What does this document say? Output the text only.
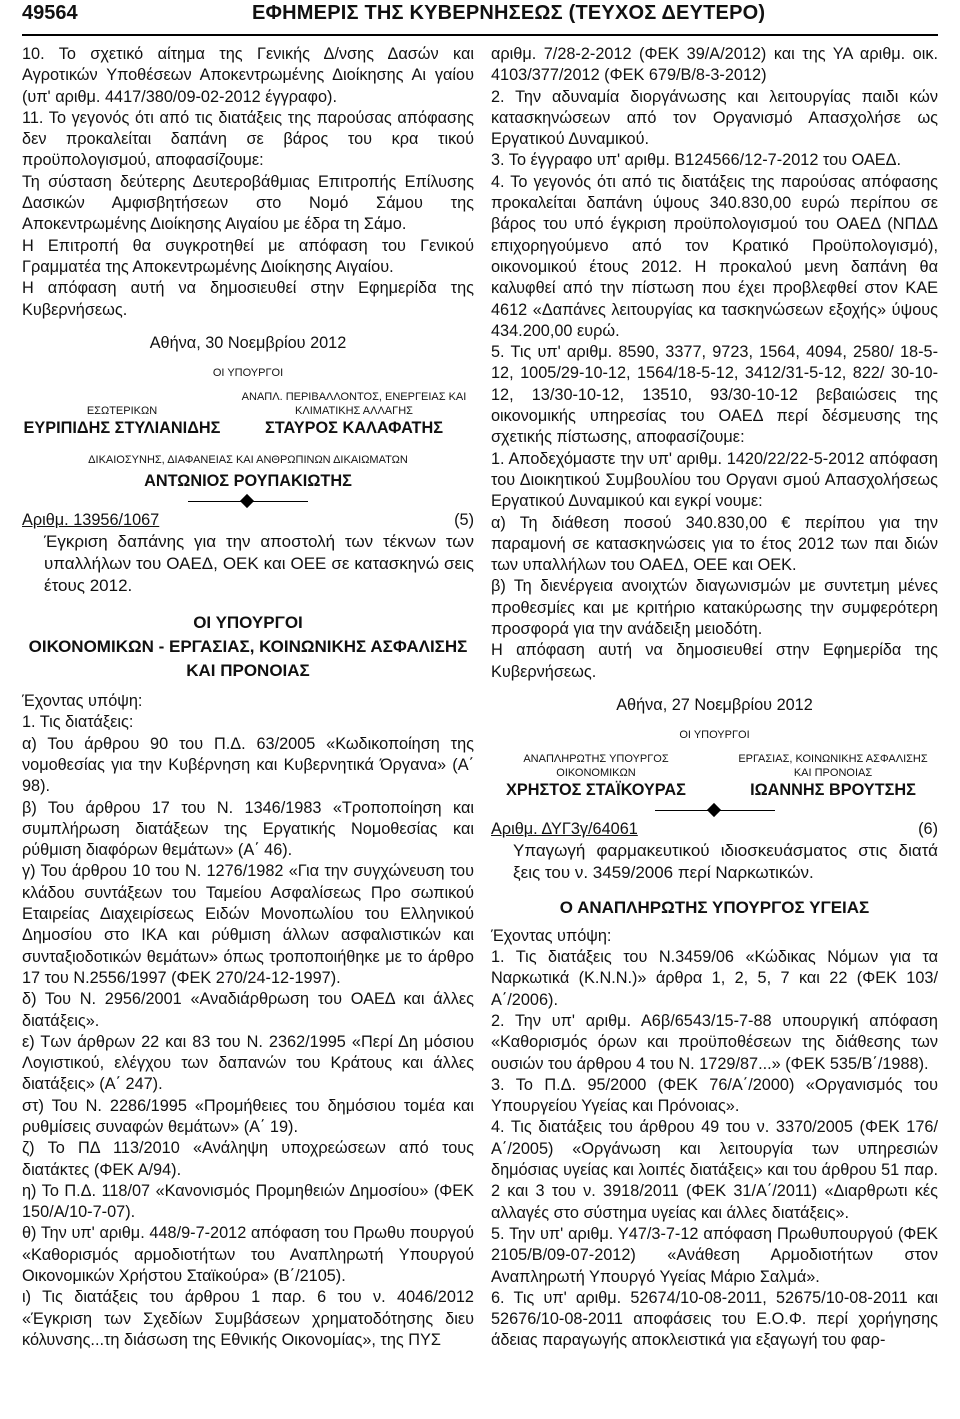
49564	ΕΦΗΜΕΡΙΣ ΤΗΣ ΚΥΒΕΡΝΗΣΕΩΣ (ΤΕΥΧΟΣ ΔΕΥΤΕΡΟ)

10. Το σχετικό αίτημα της Γενικής Δ/νσης Δασών και Αγροτικών Υποθέσεων Αποκεντρωμένης Διοίκησης Αι γαίου (υπ' αριθμ. 4417/380/09-02-2012 έγγραφο).

11. Το γεγονός ότι από τις διατάξεις της παρούσας απόφασης δεν προκαλείται δαπάνη σε βάρος του κρα τικού προϋπολογισμού, αποφασίζουμε:

Τη σύσταση δεύτερης Δευτεροβάθμιας Επιτροπής Επίλυσης Δασικών Αμφισβητήσεων στο Νομό Σάμου της Αποκεντρωμένης Διοίκησης Αιγαίου με έδρα τη Σάμο.

Η Επιτροπή θα συγκροτηθεί με απόφαση του Γενικού Γραμματέα της Αποκεντρωμένης Διοίκησης Αιγαίου.

Η απόφαση αυτή να δημοσιευθεί στην Εφημερίδα της Κυβερνήσεως.

Αθήνα, 30 Νοεμβρίου 2012

ΟΙ ΥΠΟΥΡΓΟΙ

ΕΣΩΤΕΡΙΚΩΝ
ΕΥΡΙΠΙΔΗΣ ΣΤΥΛΙΑΝΙΔΗΣ
ΑΝΑΠΛ. ΠΕΡΙΒΑΛΛΟΝΤΟΣ, ΕΝΕΡΓΕΙΑΣ ΚΑΙ ΚΛΙΜΑΤΙΚΗΣ ΑΛΛΑΓΗΣ
ΣΤΑΥΡΟΣ ΚΑΛΑΦΑΤΗΣ

ΔΙΚΑΙΟΣΥΝΗΣ, ΔΙΑΦΑΝΕΙΑΣ ΚΑΙ ΑΝΘΡΩΠΙΝΩΝ ΔΙΚΑΙΩΜΑΤΩΝ

ΑΝΤΩΝΙΟΣ ΡΟΥΠΑΚΙΩΤΗΣ

Αριθμ. 13956/1067	(5)

Έγκριση δαπάνης για την αποστολή των τέκνων των υπαλλήλων του ΟΑΕΔ, ΟΕΚ και ΟΕΕ σε κατασκηνώ σεις έτους 2012.

ΟΙ ΥΠΟΥΡΓΟΙ

ΟΙΚΟΝΟΜΙΚΩΝ - ΕΡΓΑΣΙΑΣ, ΚΟΙΝΩΝΙΚΗΣ ΑΣΦΑΛΙΣΗΣ ΚΑΙ ΠΡΟΝΟΙΑΣ

Έχοντας υπόψη:

1. Τις διατάξεις:

α) Του άρθρου 90 του Π.Δ. 63/2005 «Κωδικοποίηση της νομοθεσίας για την Κυβέρνηση και Κυβερνητικά Όργανα» (Α΄ 98).

β) Του άρθρου 17 του Ν. 1346/1983 «Τροποποίηση και συμπλήρωση διατάξεων της Εργατικής Νομοθεσίας και ρύθμιση διαφόρων θεμάτων» (Α΄ 46).

γ) Του άρθρου 10 του Ν. 1276/1982 «Για την συγχώνευση του κλάδου συντάξεων του Ταμείου Ασφαλίσεως Προ σωπικού Εταιρείας Διαχειρίσεως Ειδών Μονοπωλίου του Ελληνικού Δημοσίου στο ΙΚΑ και ρύθμιση άλλων ασφαλιστικών και συνταξιοδοτικών θεμάτων» όπως τροποποιήθηκε με το άρθρο 17 του Ν.2556/1997 (ΦΕΚ 270/24-12-1997).

δ) Του Ν. 2956/2001 «Αναδιάρθρωση του ΟΑΕΔ και άλλες διατάξεις».

ε) Των άρθρων 22 και 83 του Ν. 2362/1995 «Περί Δη μόσιου Λογιστικού, ελέγχου των δαπανών του Κράτους και άλλες διατάξεις» (Α΄ 247).

στ) Του Ν. 2286/1995 «Προμήθειες του δημόσιου τομέα και ρυθμίσεις συναφών θεμάτων» (Α΄ 19).

ζ) Το ΠΔ 113/2010 «Ανάληψη υποχρεώσεων από τους διατάκτες (ΦΕΚ Α/94).

η) Το Π.Δ. 118/07 «Κανονισμός Προμηθειών Δημοσίου» (ΦΕΚ 150/Α/10-7-07).

θ) Την υπ' αριθμ. 448/9-7-2012 απόφαση του Πρωθυ πουργού «Καθορισμός αρμοδιοτήτων του Αναπληρωτή Υπουργού Οικονομικών Χρήστου Σταϊκούρα» (Β΄/2105).

ι) Τις διατάξεις του άρθρου 1 παρ. 6 του ν. 4046/2012 «Έγκριση των Σχεδίων Συμβάσεων χρηματοδότησης διευ κόλυνσης...τη διάσωση της Εθνικής Οικονομίας», της ΠΥΣ

αριθμ. 7/28-2-2012 (ΦΕΚ 39/Α/2012) και της ΥΑ αριθμ. οικ. 4103/377/2012 (ΦΕΚ 679/Β/8-3-2012)

2. Την αδυναμία διοργάνωσης και λειτουργίας παιδι κών κατασκηνώσεων από τον Οργανισμό Απασχολήσε ως Εργατικού Δυναμικού.

3. Το έγγραφο υπ' αριθμ. Β124566/12-7-2012 του ΟΑΕΔ.

4. Το γεγονός ότι από τις διατάξεις της παρούσας απόφασης προκαλείται δαπάνη ύψους 340.830,00 ευρώ περίπου σε βάρος του υπό έγκριση προϋπολογισμού του ΟΑΕΔ (ΝΠΔΔ επιχορηγούμενο από τον Κρατικό Προϋπολογισμό), οικονομικού έτους 2012. Η προκαλού μενη δαπάνη θα καλυφθεί από την πίστωση που έχει προβλεφθεί στον ΚΑΕ 4612 «Δαπάνες λειτουργίας κα τασκηνώσεων εξοχής» ύψους 434.200,00 ευρώ.

5. Τις υπ' αριθμ. 8590, 3377, 9723, 1564, 4094, 2580/ 18-5-12, 1005/29-10-12, 1564/18-5-12, 3412/31-5-12, 822/ 30-10-12, 13/30-10-12, 13510, 93/30-10-12 βεβαιώσεις της οικονομικής υπηρεσίας του ΟΑΕΔ περί δέσμευσης της σχετικής πίστωσης, αποφασίζουμε:

1. Αποδεχόμαστε την υπ' αριθμ. 1420/22/22-5-2012 απόφαση του Διοικητικού Συμβουλίου του Οργανι σμού Απασχολήσεως Εργατικού Δυναμικού και εγκρί νουμε:

α) Τη διάθεση ποσού 340.830,00 € περίπου για την παραμονή σε κατασκηνώσεις για το έτος 2012 των παι διών των υπαλλήλων του ΟΑΕΔ, ΟΕΕ και ΟΕΚ.

β) Τη διενέργεια ανοιχτών διαγωνισμών με συντετμη μένες προθεσμίες και με κριτήριο κατακύρωσης την συμφερότερη προσφορά για την ανάδειξη μειοδότη.

Η απόφαση αυτή να δημοσιευθεί στην Εφημερίδα της Κυβερνήσεως.

Αθήνα, 27 Νοεμβρίου 2012

ΟΙ ΥΠΟΥΡΓΟΙ

ΑΝΑΠΛΗΡΩΤΗΣ ΥΠΟΥΡΓΟΣ ΟΙΚΟΝΟΜΙΚΩΝ
ΧΡΗΣΤΟΣ ΣΤΑΪΚΟΥΡΑΣ
ΕΡΓΑΣΙΑΣ, ΚΟΙΝΩΝΙΚΗΣ ΑΣΦΑΛΙΣΗΣ ΚΑΙ ΠΡΟΝΟΙΑΣ
ΙΩΑΝΝΗΣ ΒΡΟΥΤΣΗΣ
Αριθμ. ΔΥΓ3γ/64061	(6)

Υπαγωγή φαρμακευτικού ιδιοσκευάσματος στις διατά ξεις του ν. 3459/2006 περί Ναρκωτικών.

Ο ΑΝΑΠΛΗΡΩΤΗΣ ΥΠΟΥΡΓΟΣ ΥΓΕΙΑΣ

Έχοντας υπόψη:

1. Τις διατάξεις του Ν.3459/06 «Κώδικας Νόμων για τα Ναρκωτικά (Κ.Ν.Ν.)» άρθρα 1, 2, 5, 7 και 22 (ΦΕΚ 103/ Α΄/2006).

2. Την υπ' αριθμ. Α6β/6543/15-7-88 υπουργική απόφαση «Καθορισμός όρων και προϋποθέσεων της διάθεσης των ουσιών του άρθρου 4 του Ν. 1729/87...» (ΦΕΚ 535/Β΄/1988).

3. Το Π.Δ. 95/2000 (ΦΕΚ 76/Α΄/2000) «Οργανισμός του Υπουργείου Υγείας και Πρόνοιας».

4. Τις διατάξεις του άρθρου 49 του ν. 3370/2005 (ΦΕΚ 176/Α΄/2005) «Οργάνωση και λειτουργία των υπηρεσιών δημόσιας υγείας και λοιπές διατάξεις» και του άρθρου 51 παρ. 2 και 3 του ν. 3918/2011 (ΦΕΚ 31/Α΄/2011) «Διαρθρωτι κές αλλαγές στο σύστημα υγείας και άλλες διατάξεις».

5. Την υπ' αριθμ. Υ47/3-7-12 απόφαση Πρωθυπουργού (ΦΕΚ 2105/Β/09-07-2012) «Ανάθεση Αρμοδιοτήτων στον Αναπληρωτή Υπουργό Υγείας Μάριο Σαλμά».

6. Τις υπ' αριθμ. 52674/10-08-2011, 52675/10-08-2011 και 52676/10-08-2011 αποφάσεις του Ε.Ο.Φ. περί χορήγησης άδειας παραγωγής αποκλειστικά για εξαγωγή του φαρ-
